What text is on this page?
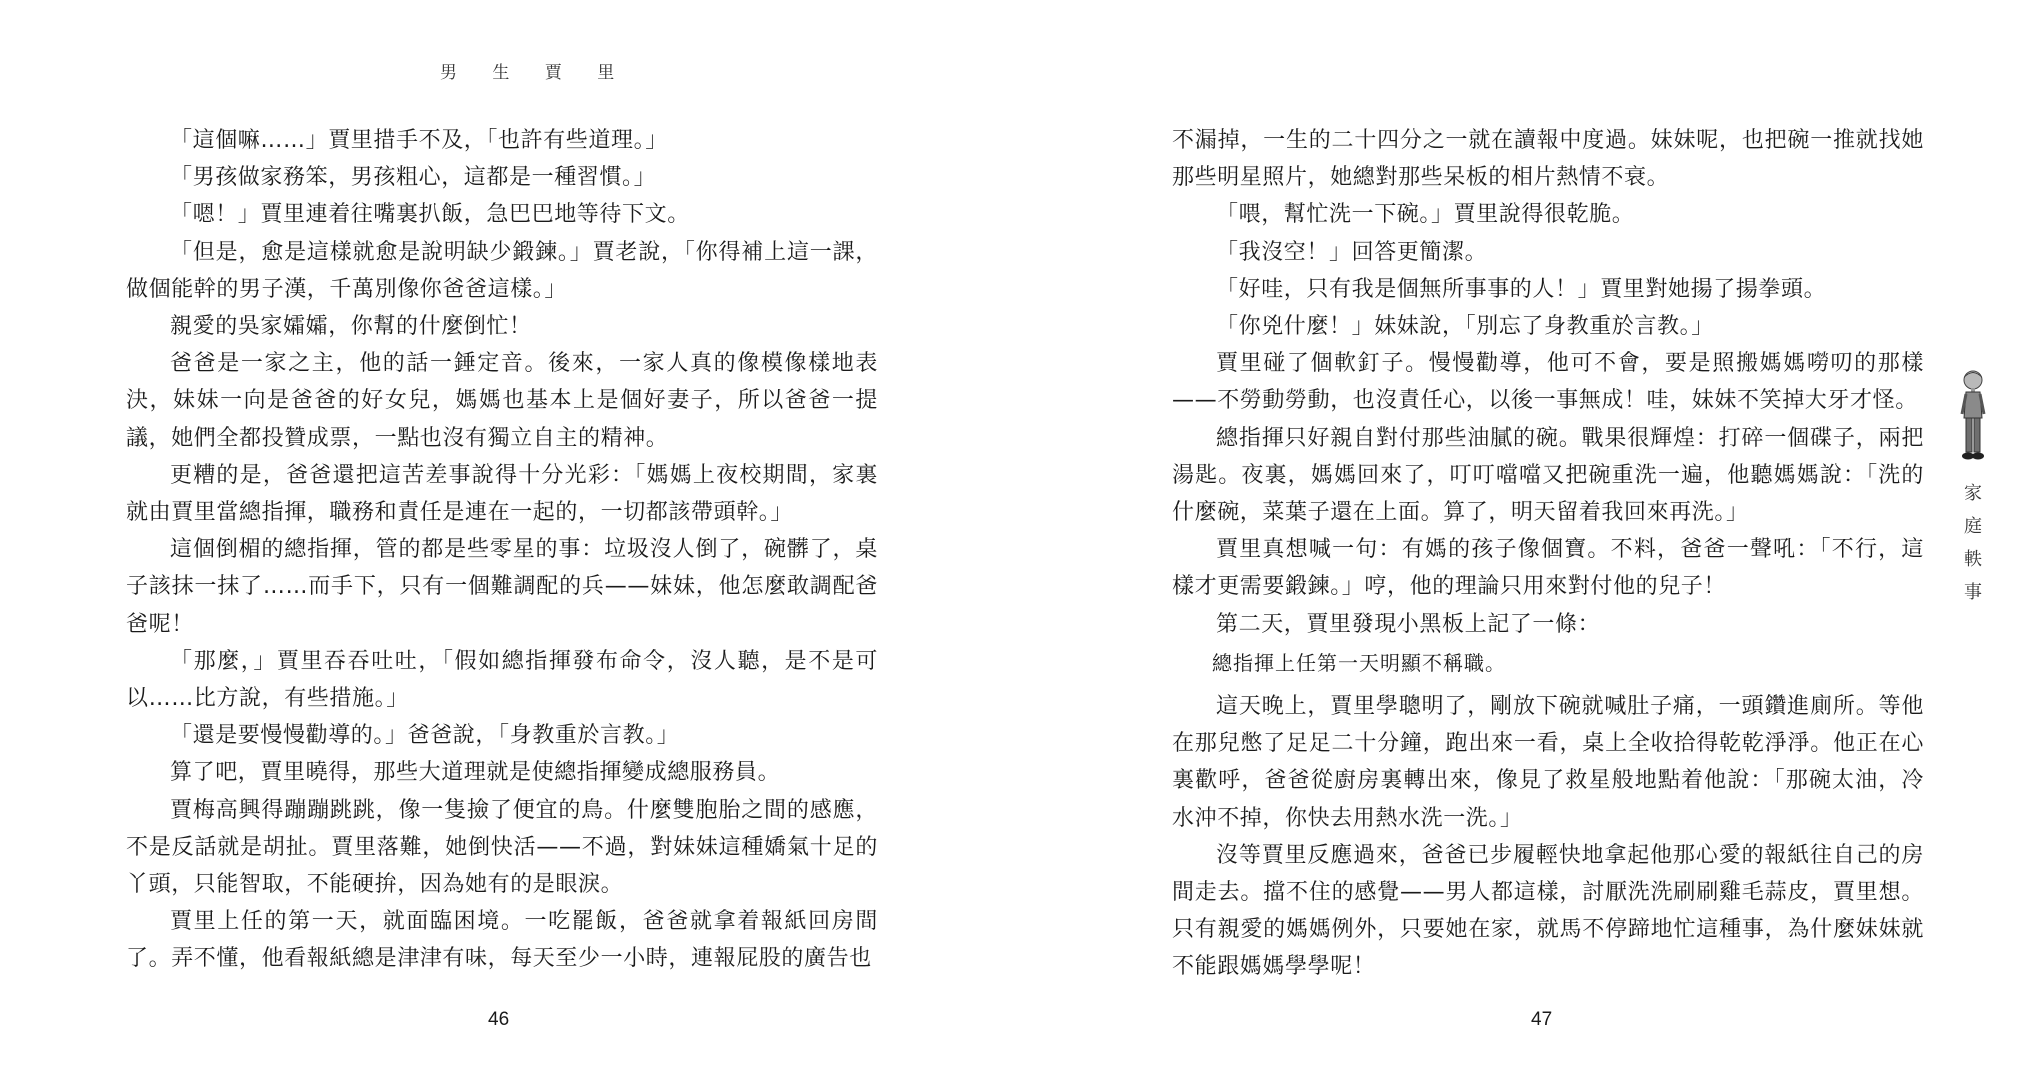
男 生 賈 里

「這個嘛……」賈里措手不及，「也許有些道理。」

「男孩做家務笨，男孩粗心，這都是一種習慣。」

「嗯！」賈里連着往嘴裏扒飯，急巴巴地等待下文。

「但是，愈是這樣就愈是說明缺少鍛鍊。」賈老說，「你得補上這一課，做個能幹的男子漢，千萬別像你爸爸這樣。」

親愛的吳家孀孀，你幫的什麼倒忙！

爸爸是一家之主，他的話一錘定音。後來，一家人真的像模像樣地表決，妹妹一向是爸爸的好女兒，媽媽也基本上是個好妻子，所以爸爸一提議，她們全都投贊成票，一點也沒有獨立自主的精神。

更糟的是，爸爸還把這苦差事說得十分光彩：「媽媽上夜校期間，家裏就由賈里當總指揮，職務和責任是連在一起的，一切都該帶頭幹。」

這個倒楣的總指揮，管的都是些零星的事：垃圾沒人倒了，碗髒了，桌子該抹一抹了……而手下，只有一個難調配的兵——妹妹，他怎麼敢調配爸爸呢！

「那麼，」賈里吞吞吐吐，「假如總指揮發布命令，沒人聽，是不是可以……比方說，有些措施。」

「還是要慢慢勸導的。」爸爸說，「身教重於言教。」

算了吧，賈里曉得，那些大道理就是使總指揮變成總服務員。

賈梅高興得蹦蹦跳跳，像一隻撿了便宜的鳥。什麼雙胞胎之間的感應，不是反話就是胡扯。賈里落難，她倒快活——不過，對妹妹這種嬌氣十足的丫頭，只能智取，不能硬拚，因為她有的是眼淚。

賈里上任的第一天，就面臨困境。一吃罷飯，爸爸就拿着報紙回房間了。弄不懂，他看報紙總是津津有味，每天至少一小時，連報屁股的廣告也

不漏掉，一生的二十四分之一就在讀報中度過。妹妹呢，也把碗一推就找她那些明星照片，她總對那些呆板的相片熱情不衰。

「喂，幫忙洗一下碗。」賈里說得很乾脆。

「我沒空！」回答更簡潔。

「好哇，只有我是個無所事事的人！」賈里對她揚了揚拳頭。

「你兇什麼！」妹妹說，「別忘了身教重於言教。」

賈里碰了個軟釘子。慢慢勸導，他可不會，要是照搬媽媽嘮叨的那樣——不勞動勞動，也沒責任心，以後一事無成！哇，妹妹不笑掉大牙才怪。

總指揮只好親自對付那些油膩的碗。戰果很輝煌：打碎一個碟子，兩把湯匙。夜裏，媽媽回來了，叮叮噹噹又把碗重洗一遍，他聽媽媽說：「洗的什麼碗，菜葉子還在上面。算了，明天留着我回來再洗。」

賈里真想喊一句：有媽的孩子像個寶。不料，爸爸一聲吼：「不行，這樣才更需要鍛鍊。」哼，他的理論只用來對付他的兒子！

第二天，賈里發現小黑板上記了一條：

總指揮上任第一天明顯不稱職。

這天晚上，賈里學聰明了，剛放下碗就喊肚子痛，一頭鑽進廁所。等他在那兒憋了足足二十分鐘，跑出來一看，桌上全收拾得乾乾淨淨。他正在心裏歡呼，爸爸從廚房裏轉出來，像見了救星般地點着他說：「那碗太油，冷水沖不掉，你快去用熱水洗一洗。」

沒等賈里反應過來，爸爸已步履輕快地拿起他那心愛的報紙往自己的房間走去。擋不住的感覺——男人都這樣，討厭洗洗刷刷雞毛蒜皮，賈里想。只有親愛的媽媽例外，只要她在家，就馬不停蹄地忙這種事，為什麼妹妹就不能跟媽媽學學呢！

46	47
家
庭
軼
事
